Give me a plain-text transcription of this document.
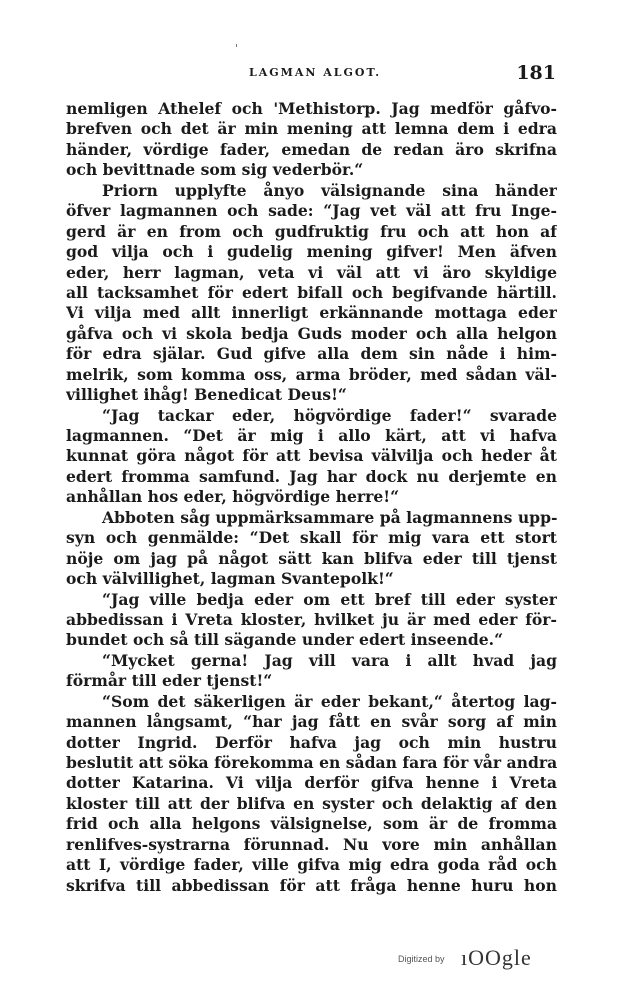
LAGMAN ALGOT.	181
nemligen Athelef och 'Methistorp. Jag medför gåfvo-
brefven och det är min mening att lemna dem i edra
händer, vördige fader, emedan de redan äro skrifna
och bevittnade som sig vederbör.“
Priorn upplyfte ånyo välsignande sina händer
öfver lagmannen och sade: “Jag vet väl att fru Inge-
gerd är en from och gudfruktig fru och att hon af
god vilja och i gudelig mening gifver! Men äfven
eder, herr lagman, veta vi väl att vi äro skyldige
all tacksamhet för edert bifall och begifvande härtill.
Vi vilja med allt innerligt erkännande mottaga eder
gåfva och vi skola bedja Guds moder och alla helgon
för edra själar. Gud gifve alla dem sin nåde i him-
melrik, som komma oss, arma bröder, med sådan väl-
villighet ihåg! Benedicat Deus!“
“Jag tackar eder, högvördige fader!“ svarade
lagmannen. “Det är mig i allo kärt, att vi hafva
kunnat göra något för att bevisa välvilja och heder åt
edert fromma samfund. Jag har dock nu derjemte en
anhållan hos eder, högvördige herre!“
Abboten såg uppmärksammare på lagmannens upp-
syn och genmälde: “Det skall för mig vara ett stort
nöje om jag på något sätt kan blifva eder till tjenst
och välvillighet, lagman Svantepolk!“
“Jag ville bedja eder om ett bref till eder syster
abbedissan i Vreta kloster, hvilket ju är med eder för-
bundet och så till sägande under edert inseende.“
“Mycket gerna! Jag vill vara i allt hvad jag
förmår till eder tjenst!“
“Som det säkerligen är eder bekant,“ återtog lag-
mannen långsamt, “har jag fått en svår sorg af min
dotter Ingrid. Derför hafva jag och min hustru
beslutit att söka förekomma en sådan fara för vår andra
dotter Katarina. Vi vilja derför gifva henne i Vreta
kloster till att der blifva en syster och delaktig af den
frid och alla helgons välsignelse, som är de fromma
renlifves-systrarna förunnad. Nu vore min anhållan
att I, vördige fader, ville gifva mig edra goda råd och
skrifva till abbedissan för att fråga henne huru hon
Digitized by ıOOgle
